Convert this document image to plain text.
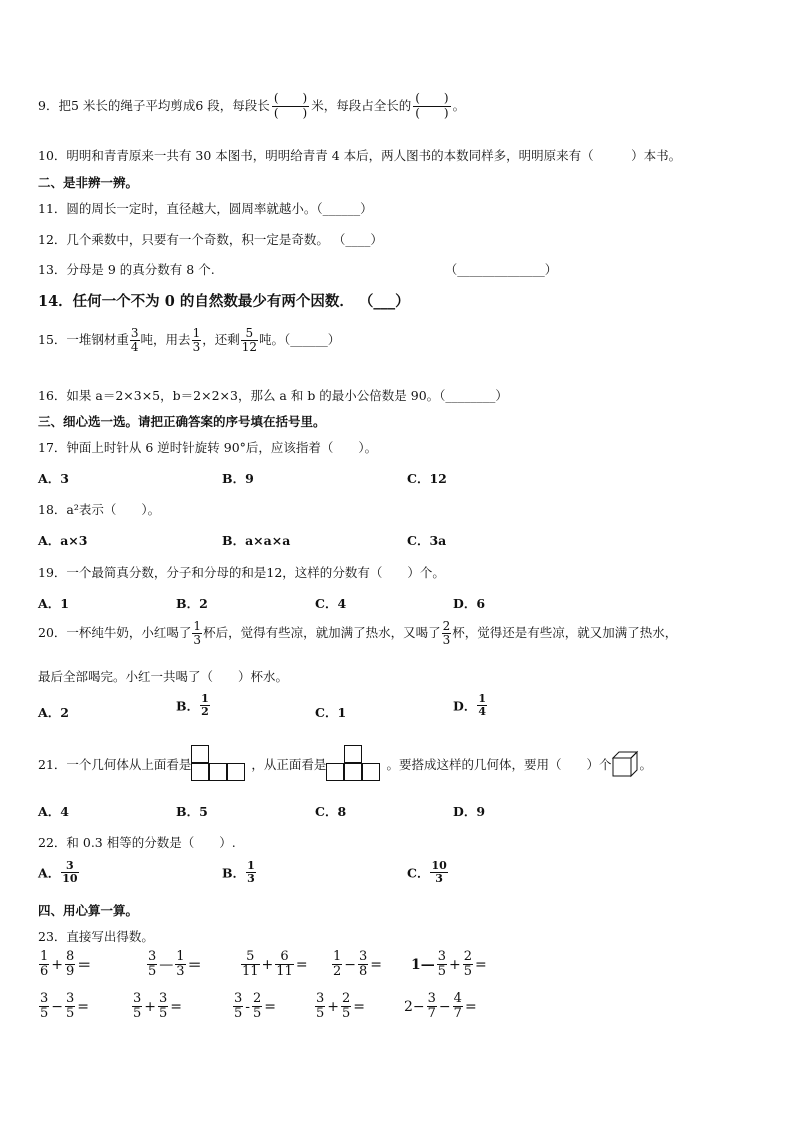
9．把5 米长的绳子平均剪成6 段，每段长 $\frac{( )}{( )}$ 米，每段占全长的 $\frac{( )}{( )}$ 。
10．明明和青青原来一共有 30 本图书，明明给青青 4 本后，两人图书的本数同样多，明明原来有（　　　）本书。
二、是非辨一辨。
11．圆的周长一定时，直径越大，圆周率就越小。（______）
12．几个乘数中，只要有一个奇数，积一定是奇数。 （____）
13．分母是 9 的真分数有 8 个.	（______________）
14．任何一个不为 0 的自然数最少有两个因数． （___）
15．一堆钢材重 $\frac{3}{4}$ 吨，用去 $\frac{1}{3}$ ，还剩 $\frac{5}{12}$ 吨。（______）
16．如果 a＝2×3×5，b＝2×2×3，那么 a 和 b 的最小公倍数是 90。（________）
三、细心选一选。请把正确答案的序号填在括号里。
17．钟面上时针从 6 逆时针旋转 90°后，应该指着（　　）。
A．3	B．9	C．12
18．a²表示（　　）。
A．a×3	B．a×a×a	C．3a
19．一个最简真分数，分子和分母的和是12，这样的分数有（　　）个。
A．1	B．2	C．4	D．6
20．一杯纯牛奶，小红喝了 $\frac{1}{3}$ 杯后，觉得有些凉，就加满了热水，又喝了 $\frac{2}{3}$ 杯，觉得还是有些凉，就又加满了热水，
最后全部喝完。小红一共喝了（　　）杯水。
A．2	B． $\frac{1}{2}$	C．1	D． $\frac{1}{4}$
21．一个几何体从上面看是	，从正面看是	。要搭成这样的几何体，要用（　　）个 。
A．4	B．5	C．8	D．9
22．和 0.3 相等的分数是（　　）.
A． $\frac{3}{10}$	B． $\frac{1}{3}$	C． $\frac{10}{3}$
四、用心算一算。
23．直接写出得数。
$\frac{1}{6} + \frac{8}{9}$ ＝	$\frac{3}{5}$ — $\frac{1}{3}$ ＝	$\frac{5}{11} + \frac{6}{11} = \frac{1}{2} - \frac{3}{8}$ = 1— $\frac{3}{5} + \frac{2}{5}$ =
$\frac{3}{5} - \frac{3}{5}$ =	$\frac{3}{5} + \frac{3}{5}$ =	$\frac{3}{5} - \frac{2}{5}$ =	$\frac{3}{5} + \frac{2}{5}$ =	$2- \frac{3}{7} - \frac{4}{7}$ =
